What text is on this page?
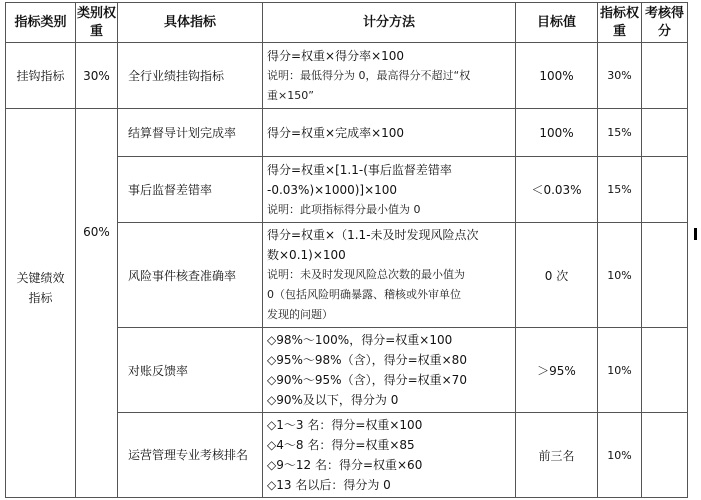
指标类别	类别权重	具体指标	计分方法	目标值	指标权重	考核得分
挂钩指标	30%	全行业绩挂钩指标	得分=权重×得分率×100
说明：最低得分为 0，最高得分不超过“权
重×150”	100%	30%	

关键绩效指标	60%	结算督导计划完成率	得分=权重×完成率×100	100%	15%	
		事后监督差错率	得分=权重×[1.1-(事后监督差错率
-0.03%)×1000)]×100
说明：此项指标得分最小值为 0	＜0.03%	15%	
		风险事件核查准确率	得分=权重×（1.1-未及时发现风险点次
数×0.1)×100
说明：未及时发现风险总次数的最小值为
0（包括风险明确暴露、稽核或外审单位
发现的问题）	0 次	10%	
		对账反馈率	◇98%～100%，得分=权重×100
◇95%～98%（含），得分=权重×80
◇90%～95%（含），得分=权重×70
◇90%及以下，得分为 0	＞95%	10%	

		运营管理专业考核排名	◇1～3 名：得分=权重×100
◇4～8 名：得分=权重×85
◇9～12 名：得分=权重×60
◇13 名以后：得分为 0	前三名	10%	
